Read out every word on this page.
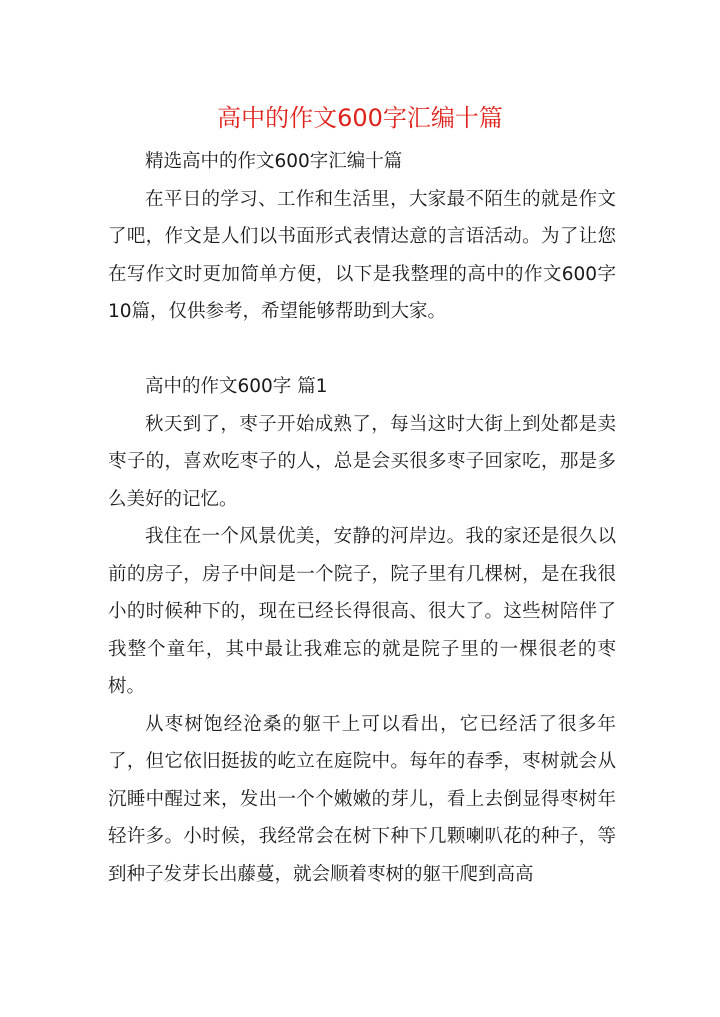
高中的作文600字汇编十篇

精选高中的作文600字汇编十篇

在平日的学习、工作和生活里，大家最不陌生的就是作文了吧，作文是人们以书面形式表情达意的言语活动。为了让您在写作文时更加简单方便，以下是我整理的高中的作文600字10篇，仅供参考，希望能够帮助到大家。

高中的作文600字 篇1

秋天到了，枣子开始成熟了，每当这时大街上到处都是卖枣子的，喜欢吃枣子的人，总是会买很多枣子回家吃，那是多么美好的记忆。

我住在一个风景优美，安静的河岸边。我的家还是很久以前的房子，房子中间是一个院子，院子里有几棵树，是在我很小的时候种下的，现在已经长得很高、很大了。这些树陪伴了我整个童年，其中最让我难忘的就是院子里的一棵很老的枣树。

从枣树饱经沧桑的躯干上可以看出，它已经活了很多年了，但它依旧挺拔的屹立在庭院中。每年的春季，枣树就会从沉睡中醒过来，发出一个个嫩嫩的芽儿，看上去倒显得枣树年轻许多。小时候，我经常会在树下种下几颗喇叭花的种子，等到种子发芽长出藤蔓，就会顺着枣树的躯干爬到高高
